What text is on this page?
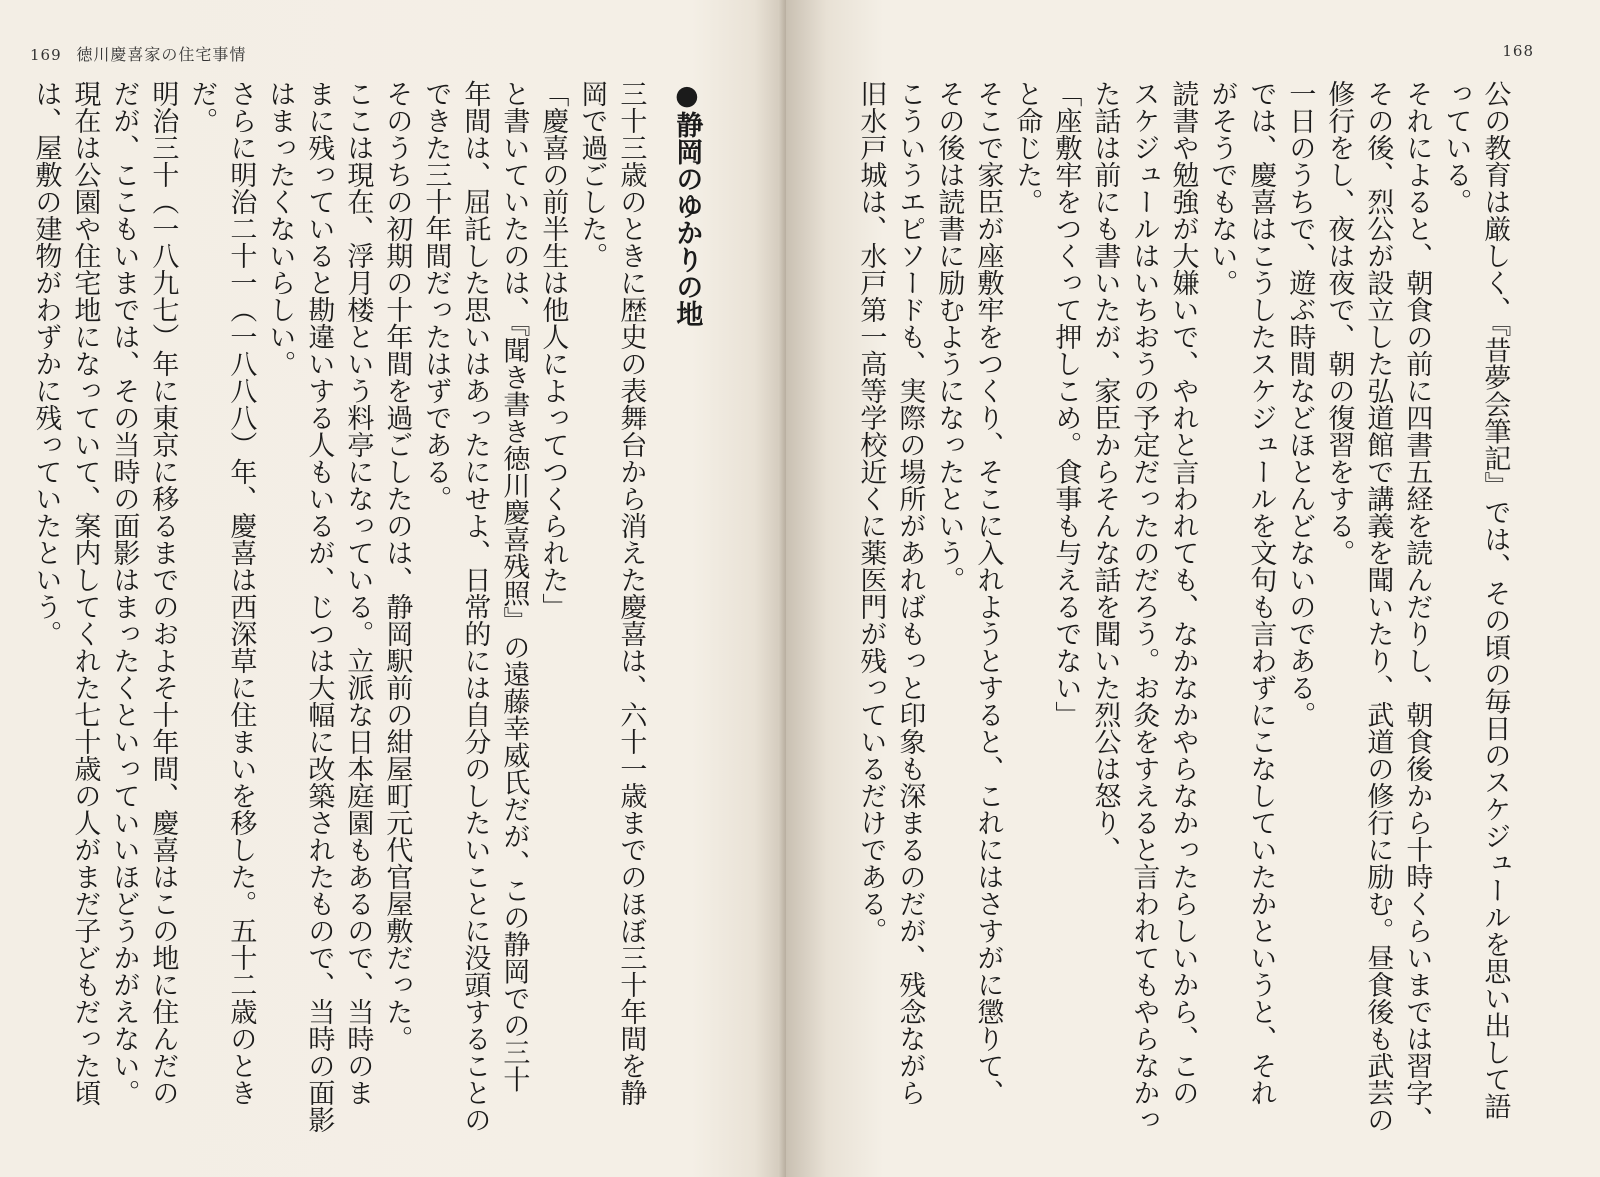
169 徳川慶喜家の住宅事情
●静岡のゆかりの地
三十三歳のときに歴史の表舞台から消えた慶喜は、六十一歳までのほぼ三十年間を静
岡で過ごした。
「慶喜の前半生は他人によってつくられた」
と書いていたのは、『聞き書き徳川慶喜残照』の遠藤幸威氏だが、この静岡での三十
年間は、屈託した思いはあったにせよ、日常的には自分のしたいことに没頭することの
できた三十年間だったはずである。
そのうちの初期の十年間を過ごしたのは、静岡駅前の紺屋町元代官屋敷だった。
ここは現在、浮月楼という料亭になっている。立派な日本庭園もあるので、当時のま
まに残っていると勘違いする人もいるが、じつは大幅に改築されたもので、当時の面影
はまったくないらしい。
さらに明治二十一（一八八八）年、慶喜は西深草に住まいを移した。五十二歳のとき
だ。
明治三十（一八九七）年に東京に移るまでのおよそ十年間、慶喜はこの地に住んだの
だが、ここもいまでは、その当時の面影はまったくといっていいほどうかがえない。
現在は公園や住宅地になっていて、案内してくれた七十歳の人がまだ子どもだった頃
は、屋敷の建物がわずかに残っていたという。
168
公の教育は厳しく、『昔夢会筆記』では、その頃の毎日のスケジュールを思い出して語
っている。
それによると、朝食の前に四書五経を読んだりし、朝食後から十時くらいまでは習字、
その後、烈公が設立した弘道館で講義を聞いたり、武道の修行に励む。昼食後も武芸の
修行をし、夜は夜で、朝の復習をする。
一日のうちで、遊ぶ時間などほとんどないのである。
では、慶喜はこうしたスケジュールを文句も言わずにこなしていたかというと、それ
がそうでもない。
読書や勉強が大嫌いで、やれと言われても、なかなかやらなかったらしいから、この
スケジュールはいちおうの予定だったのだろう。お灸をすえると言われてもやらなかっ
た話は前にも書いたが、家臣からそんな話を聞いた烈公は怒り、
「座敷牢をつくって押しこめ。食事も与えるでない」
と命じた。
そこで家臣が座敷牢をつくり、そこに入れようとすると、これにはさすがに懲りて、
その後は読書に励むようになったという。
こういうエピソードも、実際の場所があればもっと印象も深まるのだが、残念ながら
旧水戸城は、水戸第一高等学校近くに薬医門が残っているだけである。
